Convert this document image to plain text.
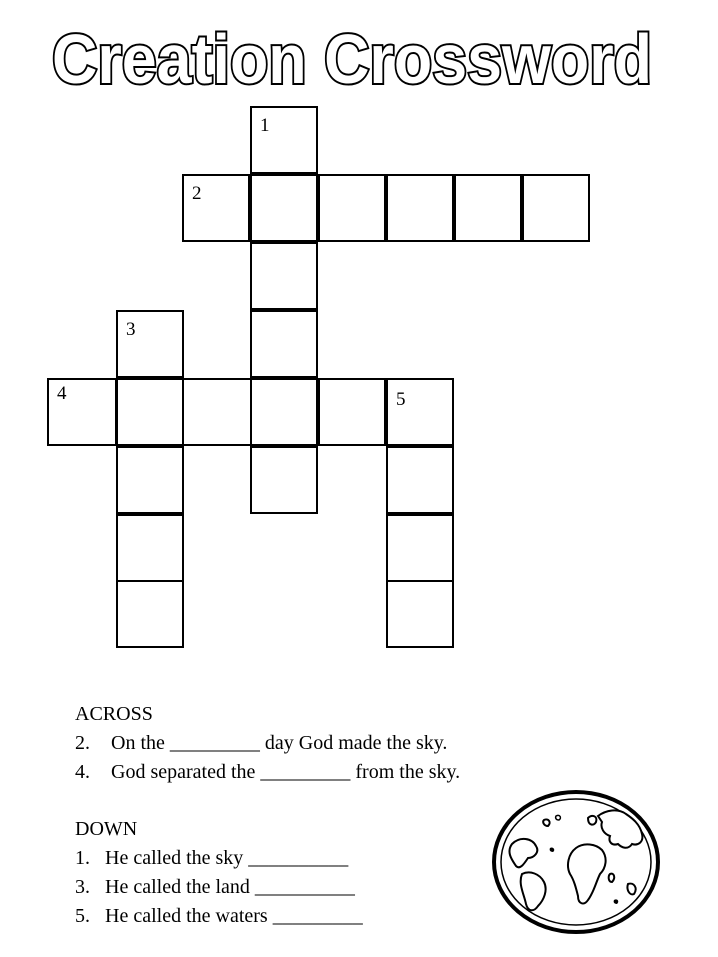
Creation Crossword
1
2
3
4	5
ACROSS
2. On the _________ day God made the sky.
4. God separated the _________ from the sky.
DOWN
1. He called the sky __________
3. He called the land __________
5. He called the waters _________
